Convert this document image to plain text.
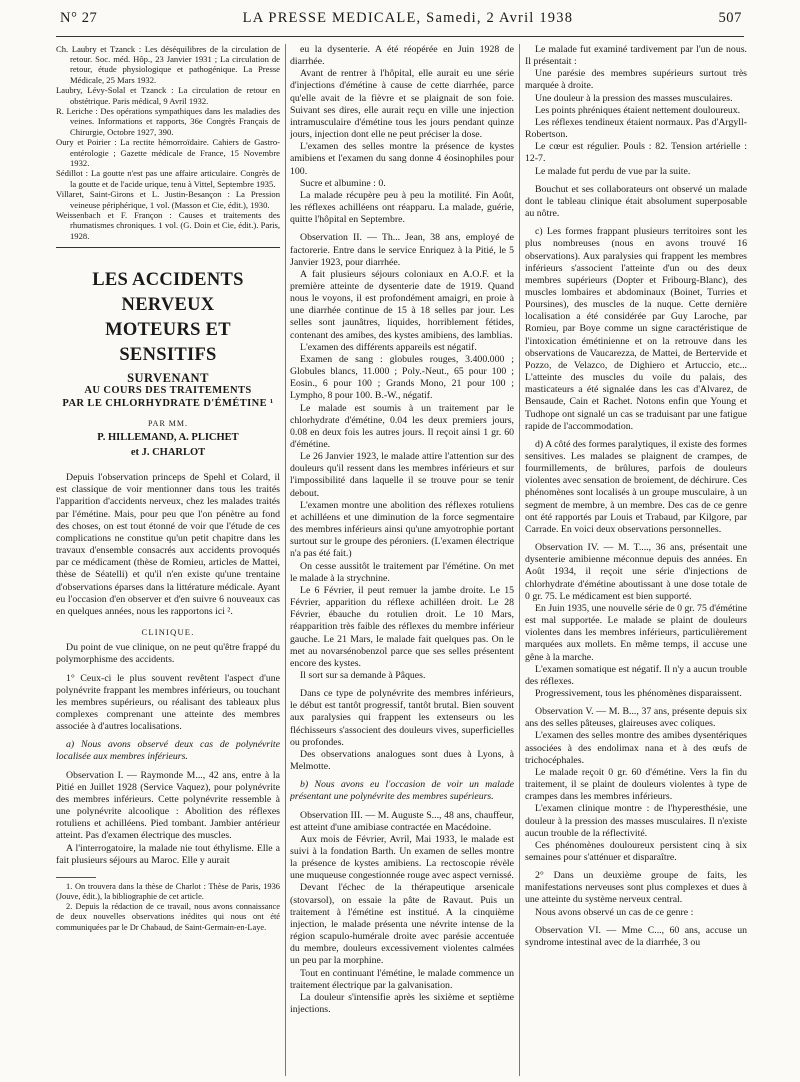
N° 27	LA PRESSE MEDICALE, Samedi, 2 Avril 1938	507

Ch. Laubry et Tzanck : Les déséquilibres de la circulation de retour. Soc. méd. Hôp., 23 Janvier 1931 ; La circulation de retour, étude physiologique et pathogénique. La Presse Médicale, 25 Mars 1932.

Laubry, Lévy-Solal et Tzanck : La circulation de retour en obstétrique. Paris médical, 9 Avril 1932.

R. Leriche : Des opérations sympathiques dans les maladies des veines. Informations et rapports, 36e Congrès Français de Chirurgie, Octobre 1927, 390.

Oury et Poirier : La rectite hémorroïdaire. Cahiers de Gastro-entérologie ; Gazette médicale de France, 15 Novembre 1932.

Sédillot : La goutte n'est pas une affaire articulaire. Congrès de la goutte et de l'acide urique, tenu à Vittel, Septembre 1935.

Villaret, Saint-Girons et L. Justin-Besançon : La Pression veineuse périphérique, 1 vol. (Masson et Cie, édit.), 1930.

Weissenbach et F. Françon : Causes et traitements des rhumatismes chroniques. 1 vol. (G. Doin et Cie, édit.). Paris, 1928.

LES ACCIDENTS NERVEUX
MOTEURS ET SENSITIFS
SURVENANT
AU COURS DES TRAITEMENTS
PAR LE CHLORHYDRATE D'ÉMÉTINE ¹
PAR MM.
P. HILLEMAND, A. PLICHET
et J. CHARLOT

Depuis l'observation princeps de Spehl et Colard, il est classique de voir mentionner dans tous les traités l'apparition d'accidents nerveux, chez les malades traités par l'émétine. Mais, pour peu que l'on pénètre au fond des choses, on est tout étonné de voir que l'étude de ces complications ne constitue qu'un petit chapitre dans les travaux d'ensemble consacrés aux accidents provoqués par ce médicament (thèse de Romieu, articles de Mattei, thèse de Séatelli) et qu'il n'en existe qu'une trentaine d'observations éparses dans la littérature médicale. Ayant eu l'occasion d'en observer et d'en suivre 6 nouveaux cas en quelques années, nous les rapportons ici ².

CLINIQUE.

Du point de vue clinique, on ne peut qu'être frappé du polymorphisme des accidents.

1° Ceux-ci le plus souvent revêtent l'aspect d'une polynévrite frappant les membres inférieurs, ou touchant les membres supérieurs, ou réalisant des tableaux plus complexes comprenant une atteinte des membres associée à d'autres localisations.

a) Nous avons observé deux cas de polynévrite localisée aux membres inférieurs.

Observation I. — Raymonde M..., 42 ans, entre à la Pitié en Juillet 1928 (Service Vaquez), pour polynévrite des membres inférieurs. Cette polynévrite ressemble à une polynévrite alcoolique : Abolition des réflexes rotuliens et achilléens. Pied tombant. Jambier antérieur atteint. Pas d'examen électrique des muscles.

A l'interrogatoire, la malade nie tout éthylisme. Elle a fait plusieurs séjours au Maroc. Elle y aurait

1. On trouvera dans la thèse de Charlot : Thèse de Paris, 1936 (Jouve, édit.), la bibliographie de cet article.

2. Depuis la rédaction de ce travail, nous avons connaissance de deux nouvelles observations inédites qui nous ont été communiquées par le Dr Chabaud, de Saint-Germain-en-Laye.

eu la dysenterie. A été réopérée en Juin 1928 de diarrhée.

Avant de rentrer à l'hôpital, elle aurait eu une série d'injections d'émétine à cause de cette diarrhée, parce qu'elle avait de la fièvre et se plaignait de son foie. Suivant ses dires, elle aurait reçu en ville une injection intramusculaire d'émétine tous les jours pendant quinze jours, injection dont elle ne peut préciser la dose.

L'examen des selles montre la présence de kystes amibiens et l'examen du sang donne 4 éosinophiles pour 100.

Sucre et albumine : 0.

La malade récupère peu à peu la motilité. Fin Août, les réflexes achilléens ont réapparu. La malade, guérie, quitte l'hôpital en Septembre.

Observation II. — Th... Jean, 38 ans, employé de factorerie. Entre dans le service Enriquez à la Pitié, le 5 Janvier 1923, pour diarrhée.

A fait plusieurs séjours coloniaux en A.O.F. et la première atteinte de dysenterie date de 1919. Quand nous le voyons, il est profondément amaigri, en proie à une diarrhée continue de 15 à 18 selles par jour. Les selles sont jaunâtres, liquides, horriblement fétides, contenant des amibes, des kystes amibiens, des lamblias.

L'examen des différents appareils est négatif.

Examen de sang : globules rouges, 3.400.000 ; Globules blancs, 11.000 ; Poly.-Neut., 65 pour 100 ; Eosin., 6 pour 100 ; Grands Mono, 21 pour 100 ; Lympho, 8 pour 100. B.-W., négatif.

Le malade est soumis à un traitement par le chlorhydrate d'émétine, 0.04 les deux premiers jours, 0.08 en deux fois les autres jours. Il reçoit ainsi 1 gr. 60 d'émétine.

Le 26 Janvier 1923, le malade attire l'attention sur des douleurs qu'il ressent dans les membres inférieurs et sur l'impossibilité dans laquelle il se trouve pour se tenir debout.

L'examen montre une abolition des réflexes rotuliens et achilléens et une diminution de la force segmentaire des membres inférieurs ainsi qu'une amyotrophie portant surtout sur le groupe des péroniers. (L'examen électrique n'a pas été fait.)

On cesse aussitôt le traitement par l'émétine. On met le malade à la strychnine.

Le 6 Février, il peut remuer la jambe droite. Le 15 Février, apparition du réflexe achilléen droit. Le 28 Février, ébauche du rotulien droit. Le 10 Mars, réapparition très faible des réflexes du membre inférieur gauche. Le 21 Mars, le malade fait quelques pas. On le met au novarsénobenzol parce que ses selles présentent encore des kystes.

Il sort sur sa demande à Pâques.

Dans ce type de polynévrite des membres inférieurs, le début est tantôt progressif, tantôt brutal. Bien souvent aux paralysies qui frappent les extenseurs ou les fléchisseurs s'associent des douleurs vives, superficielles ou profondes.

Des observations analogues sont dues à Lyons, à Melmotte.

b) Nous avons eu l'occasion de voir un malade présentant une polynévrite des membres supérieurs.

Observation III. — M. Auguste S..., 48 ans, chauffeur, est atteint d'une amibiase contractée en Macédoine.

Aux mois de Février, Avril, Mai 1933, le malade est suivi à la fondation Barth. Un examen de selles montre la présence de kystes amibiens. La rectoscopie révèle une muqueuse congestionnée rouge avec aspect vernissé.

Devant l'échec de la thérapeutique arsenicale (stovarsol), on essaie la pâte de Ravaut. Puis un traitement à l'émétine est institué. A la cinquième injection, le malade présenta une névrite intense de la région scapulo-humérale droite avec parésie accentuée du membre, douleurs excessivement violentes calmées un peu par la morphine.

Tout en continuant l'émétine, le malade commence un traitement électrique par la galvanisation.

La douleur s'intensifie après les sixième et septième injections.

Le malade fut examiné tardivement par l'un de nous. Il présentait :

Une parésie des membres supérieurs surtout très marquée à droite.

Une douleur à la pression des masses musculaires.

Les points phréniques étaient nettement douloureux.

Les réflexes tendineux étaient normaux. Pas d'Argyll-Robertson.

Le cœur est régulier. Pouls : 82. Tension artérielle : 12-7.

Le malade fut perdu de vue par la suite.

Bouchut et ses collaborateurs ont observé un malade dont le tableau clinique était absolument superposable au nôtre.

c) Les formes frappant plusieurs territoires sont les plus nombreuses (nous en avons trouvé 16 observations). Aux paralysies qui frappent les membres inférieurs s'associent l'atteinte d'un ou des deux membres supérieurs (Dopter et Fribourg-Blanc), des muscles lombaires et abdominaux (Boinet, Turries et Poursines), des muscles de la nuque. Cette dernière localisation a été considérée par Guy Laroche, par Romieu, par Boye comme un signe caractéristique de l'intoxication émétinienne et on la retrouve dans les observations de Vaucarezza, de Mattei, de Bertervide et Pozzo, de Velazco, de Dighiero et Artuccio, etc... L'atteinte des muscles du voile du palais, des masticateurs a été signalée dans les cas d'Alvarez, de Bensaude, Cain et Rachet. Notons enfin que Young et Tudhope ont signalé un cas se traduisant par une fatigue rapide de l'accommodation.

d) A côté des formes paralytiques, il existe des formes sensitives. Les malades se plaignent de crampes, de fourmillements, de brûlures, parfois de douleurs violentes avec sensation de broiement, de déchirure. Ces phénomènes sont localisés à un groupe musculaire, à un segment de membre, à un membre. Des cas de ce genre ont été rapportés par Louis et Trabaud, par Kilgore, par Carrade. En voici deux observations personnelles.

Observation IV. — M. T...., 36 ans, présentait une dysenterie amibienne méconnue depuis des années. En Août 1934, il reçoit une série d'injections de chlorhydrate d'émétine aboutissant à une dose totale de 0 gr. 75. Le médicament est bien supporté.

En Juin 1935, une nouvelle série de 0 gr. 75 d'émétine est mal supportée. Le malade se plaint de douleurs violentes dans les membres inférieurs, particulièrement marquées aux mollets. En même temps, il accuse une gêne à la marche.

L'examen somatique est négatif. Il n'y a aucun trouble des réflexes.

Progressivement, tous les phénomènes disparaissent.

Observation V. — M. B..., 37 ans, présente depuis six ans des selles pâteuses, glaireuses avec coliques.

L'examen des selles montre des amibes dysentériques associées à des endolimax nana et à des œufs de trichocéphales.

Le malade reçoit 0 gr. 60 d'émétine. Vers la fin du traitement, il se plaint de douleurs violentes à type de crampes dans les membres inférieurs.

L'examen clinique montre : de l'hyperesthésie, une douleur à la pression des masses musculaires. Il n'existe aucun trouble de la réflectivité.

Ces phénomènes douloureux persistent cinq à six semaines pour s'atténuer et disparaître.

2° Dans un deuxième groupe de faits, les manifestations nerveuses sont plus complexes et dues à une atteinte du système nerveux central.

Nous avons observé un cas de ce genre :

Observation VI. — Mme C..., 60 ans, accuse un syndrome intestinal avec de la diarrhée, 3 ou
